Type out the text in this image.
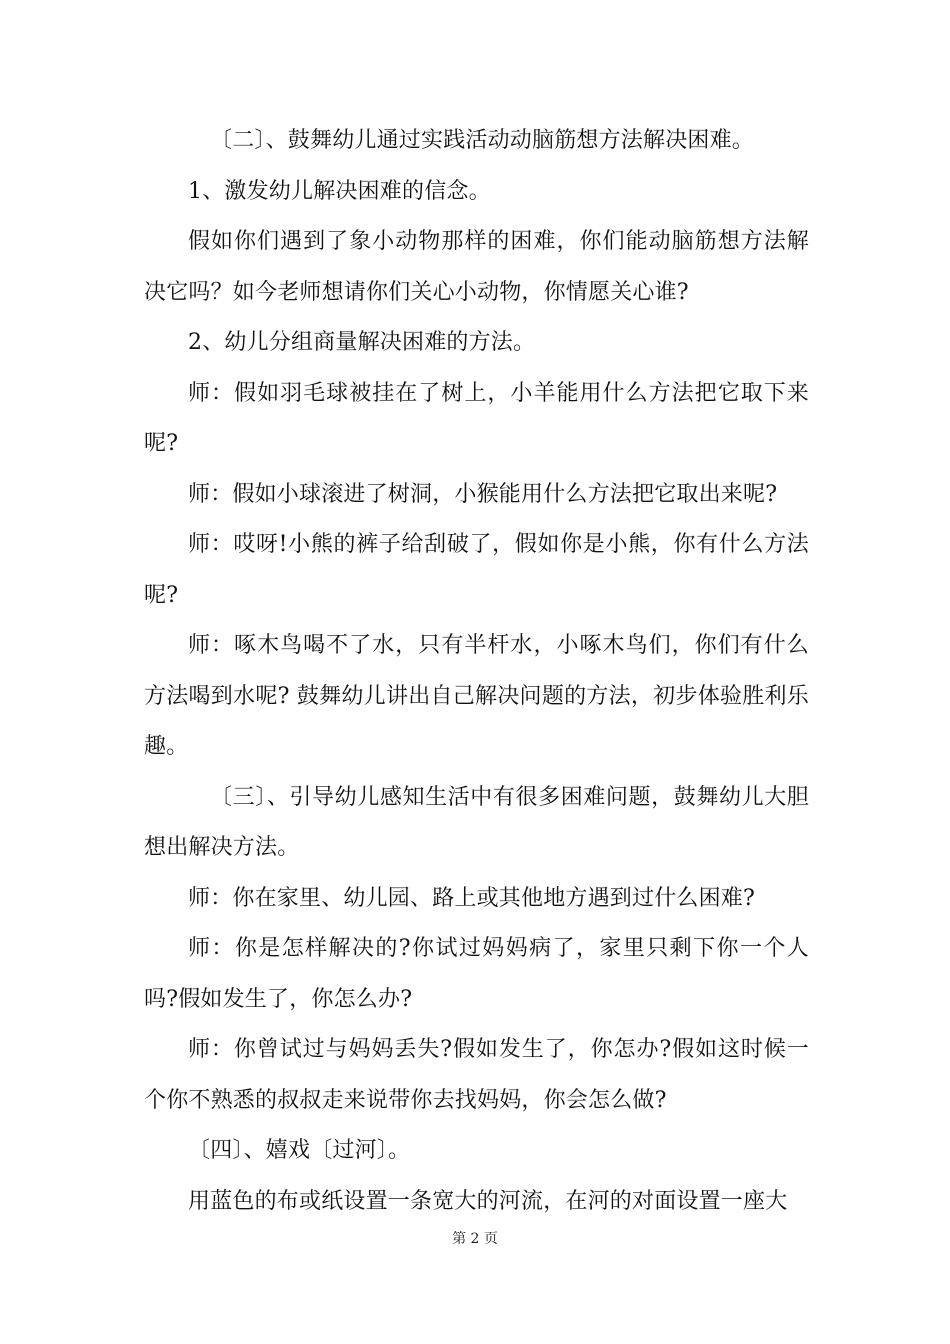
〔二〕、鼓舞幼儿通过实践活动动脑筋想方法解决困难。

1、激发幼儿解决困难的信念。

假如你们遇到了象小动物那样的困难，你们能动脑筋想方法解决它吗？如今老师想请你们关心小动物，你情愿关心谁?

2、幼儿分组商量解决困难的方法。

师：假如羽毛球被挂在了树上，小羊能用什么方法把它取下来呢?

师：假如小球滚进了树洞，小猴能用什么方法把它取出来呢?

师：哎呀!小熊的裤子给刮破了，假如你是小熊，你有什么方法呢?

师：啄木鸟喝不了水，只有半杆水，小啄木鸟们，你们有什么方法喝到水呢? 鼓舞幼儿讲出自己解决问题的方法，初步体验胜利乐趣。

〔三〕、引导幼儿感知生活中有很多困难问题，鼓舞幼儿大胆想出解决方法。

师：你在家里、幼儿园、路上或其他地方遇到过什么困难?

师：你是怎样解决的?你试过妈妈病了，家里只剩下你一个人吗?假如发生了，你怎么办?

师：你曾试过与妈妈丢失?假如发生了，你怎办?假如这时候一个你不熟悉的叔叔走来说带你去找妈妈，你会怎么做?

〔四〕、嬉戏〔过河〕。

用蓝色的布或纸设置一条宽大的河流，在河的对面设置一座大

第 2 页
